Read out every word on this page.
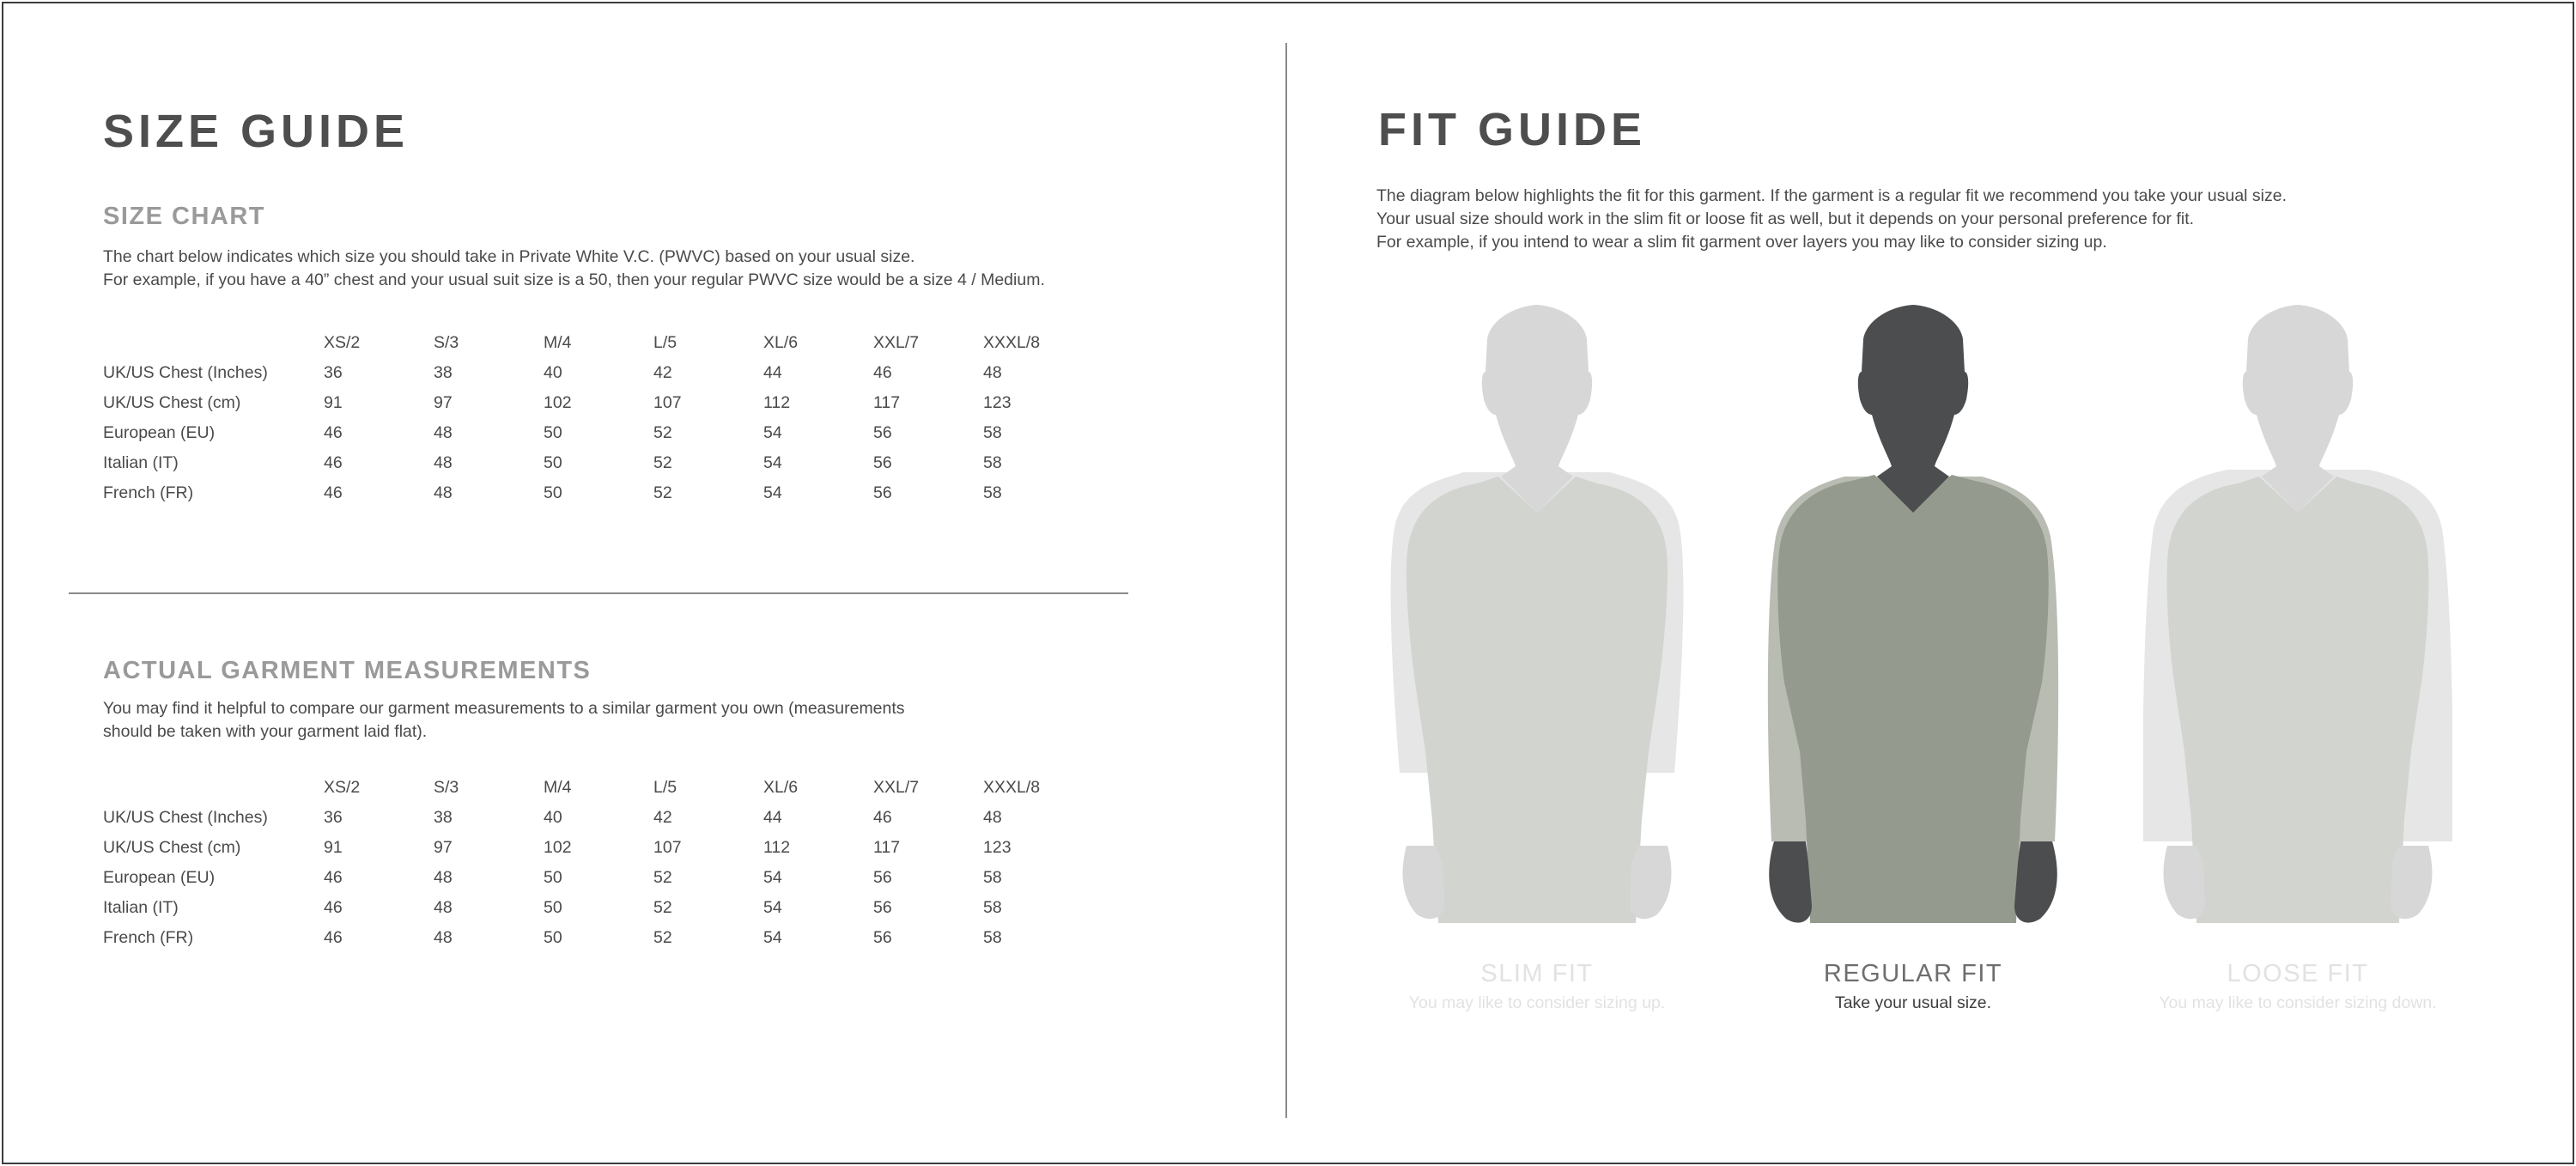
SIZE GUIDE
SIZE CHART
The chart below indicates which size you should take in Private White V.C. (PWVC) based on your usual size.
For example, if you have a 40” chest and your usual suit size is a 50, then your regular PWVC size would be a size 4 / Medium.
	XS/2	S/3	M/4	L/5	XL/6	XXL/7	XXXL/8
UK/US Chest (Inches)	36	38	40	42	44	46	48
UK/US Chest (cm)	91	97	102	107	112	117	123
European (EU)	46	48	50	52	54	56	58
Italian (IT)	46	48	50	52	54	56	58
French (FR)	46	48	50	52	54	56	58
ACTUAL GARMENT MEASUREMENTS
You may find it helpful to compare our garment measurements to a similar garment you own (measurements
should be taken with your garment laid flat).
	XS/2	S/3	M/4	L/5	XL/6	XXL/7	XXXL/8
UK/US Chest (Inches)	36	38	40	42	44	46	48
UK/US Chest (cm)	91	97	102	107	112	117	123
European (EU)	46	48	50	52	54	56	58
Italian (IT)	46	48	50	52	54	56	58
French (FR)	46	48	50	52	54	56	58
FIT GUIDE
The diagram below highlights the fit for this garment. If the garment is a regular fit we recommend you take your usual size.
Your usual size should work in the slim fit or loose fit as well, but it depends on your personal preference for fit.
For example, if you intend to wear a slim fit garment over layers you may like to consider sizing up.
SLIM FIT
You may like to consider sizing up.
REGULAR FIT
Take your usual size.
LOOSE FIT
You may like to consider sizing down.
